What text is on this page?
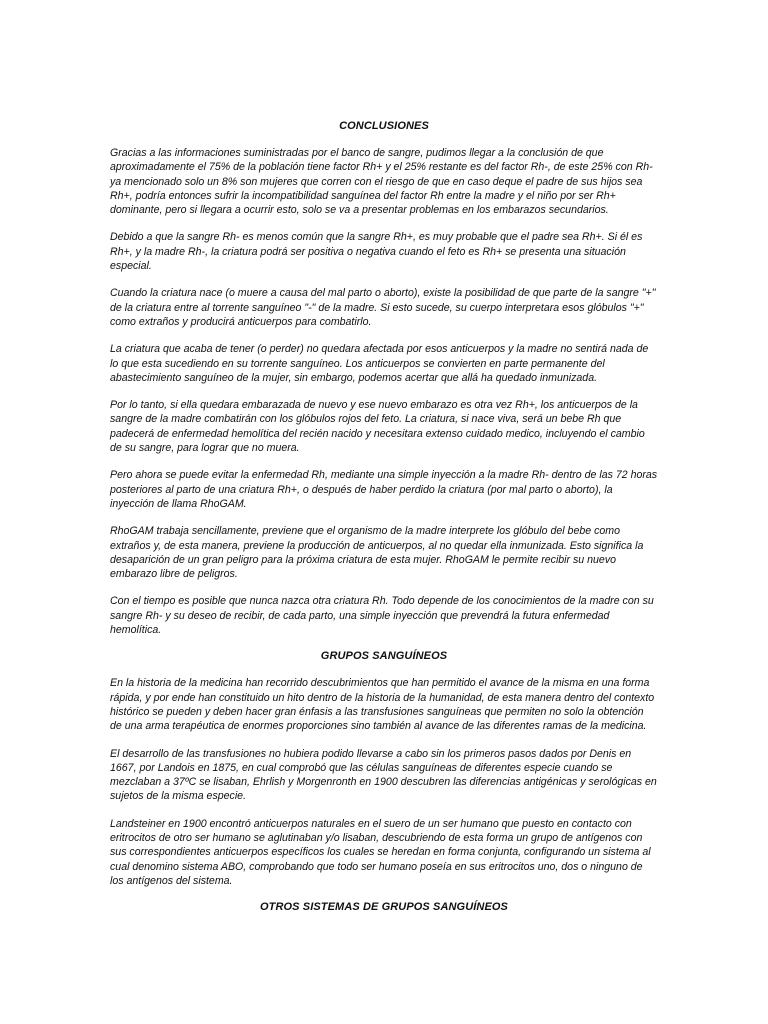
CONCLUSIONES

Gracias a las informaciones suministradas por el banco de sangre, pudimos llegar a la conclusión de que aproximadamente el 75% de la población tiene factor Rh+ y el 25% restante es del factor Rh-, de este 25% con Rh- ya mencionado solo un 8% son mujeres que corren con el riesgo de que en caso deque el padre de sus hijos sea Rh+, podría entonces sufrir la incompatibilidad sanguínea del factor Rh entre la madre y el niño por ser Rh+ dominante, pero si llegara a ocurrir esto, solo se va a presentar problemas en los embarazos secundarios.

Debido a que la sangre Rh- es menos común que la sangre Rh+, es muy probable que el padre sea Rh+. Si él es Rh+, y la madre Rh-, la criatura podrá ser positiva o negativa cuando el feto es Rh+ se presenta una situación especial.

Cuando la criatura nace (o muere a causa del mal parto o aborto), existe la posibilidad de que parte de la sangre "+" de la criatura entre al torrente sanguíneo "-" de la madre. Si esto sucede, su cuerpo interpretara esos glóbulos "+" como extraños y producirá anticuerpos para combatirlo.

La criatura que acaba de tener (o perder) no quedara afectada por esos anticuerpos y la madre no sentirá nada de lo que esta sucediendo en su torrente sanguíneo. Los anticuerpos se convierten en parte permanente del abastecimiento sanguíneo de la mujer, sin embargo, podemos acertar que allá ha quedado inmunizada.

Por lo tanto, si ella quedara embarazada de nuevo y ese nuevo embarazo es otra vez Rh+, los anticuerpos de la sangre de la madre combatirán con los glóbulos rojos del feto. La criatura, si nace viva, será un bebe Rh que padecerá de enfermedad hemolítica del recién nacido y necesitara extenso cuidado medico, incluyendo el cambio de su sangre, para lograr que no muera.

Pero ahora se puede evitar la enfermedad Rh, mediante una simple inyección a la madre Rh- dentro de las 72 horas posteriores al parto de una criatura Rh+, o después de haber perdido la criatura (por mal parto o aborto), la inyección de llama RhoGAM.

RhoGAM trabaja sencillamente, previene que el organismo de la madre interprete los glóbulo del bebe como extraños y, de esta manera, previene la producción de anticuerpos, al no quedar ella inmunizada. Esto significa la desaparición de un gran peligro para la próxima criatura de esta mujer. RhoGAM le permite recibir su nuevo embarazo libre de peligros.

Con el tiempo es posible que nunca nazca otra criatura Rh. Todo depende de los conocimientos de la madre con su sangre Rh- y su deseo de recibir, de cada parto, una simple inyección que prevendrá la futura enfermedad hemolítica.

GRUPOS SANGUÍNEOS

En la historia de la medicina han recorrido descubrimientos que han permitido el avance de la misma en una forma rápida, y por ende han constituido un hito dentro de la historia de la humanidad, de esta manera dentro del contexto histórico se pueden y deben hacer gran énfasis a las transfusiones sanguíneas que permiten no solo la obtención de una arma terapéutica de enormes proporciones sino también al avance de las diferentes ramas de la medicina.

El desarrollo de las transfusiones no hubiera podido llevarse a cabo sin los primeros pasos dados por Denis en 1667, por Landois en 1875, en cual comprobó que las células sanguíneas de diferentes especie cuando se mezclaban a 37ºC se lisaban, Ehrlish y Morgenronth en 1900 descubren las diferencias antigénicas y serológicas en sujetos de la misma especie.

Landsteiner en 1900 encontró anticuerpos naturales en el suero de un ser humano que puesto en contacto con eritrocitos de otro ser humano se aglutinaban y/o lisaban, descubriendo de esta forma un grupo de antígenos con sus correspondientes anticuerpos específicos los cuales se heredan en forma conjunta, configurando un sistema al cual denomino sistema ABO, comprobando que todo ser humano poseía en sus eritrocitos uno, dos o ninguno de los antígenos del sistema.

OTROS SISTEMAS DE GRUPOS SANGUÍNEOS
